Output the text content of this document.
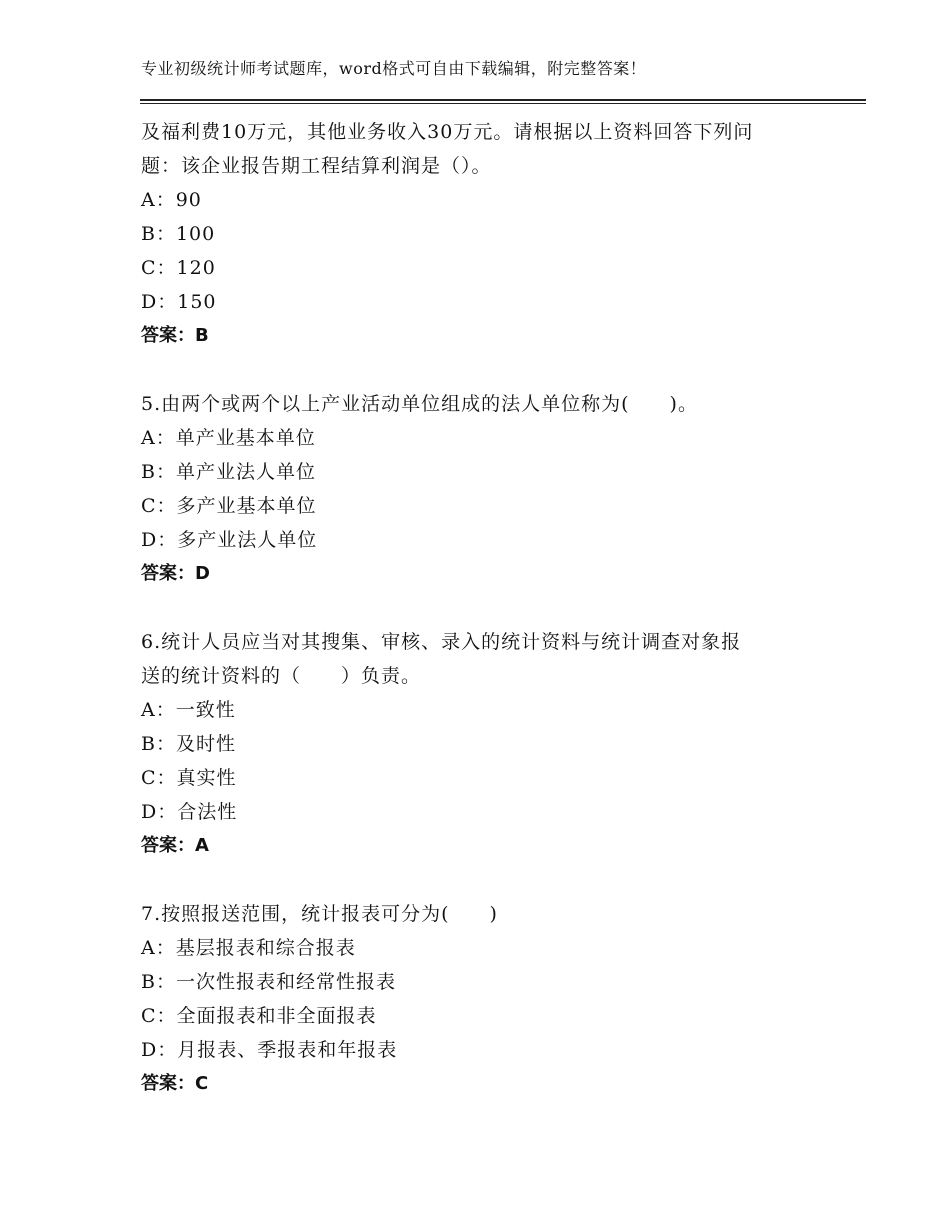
专业初级统计师考试题库，word格式可自由下载编辑，附完整答案！
及福利费10万元，其他业务收入30万元。请根据以上资料回答下列问
题：该企业报告期工程结算利润是（）。
A：90
B：100
C：120
D：150
答案：B
5.由两个或两个以上产业活动单位组成的法人单位称为(　　)。
A：单产业基本单位
B：单产业法人单位
C：多产业基本单位
D：多产业法人单位
答案：D
6.统计人员应当对其搜集、审核、录入的统计资料与统计调查对象报
送的统计资料的（　　）负责。
A：一致性
B：及时性
C：真实性
D：合法性
答案：A
7.按照报送范围，统计报表可分为(　　)
A：基层报表和综合报表
B：一次性报表和经常性报表
C：全面报表和非全面报表
D：月报表、季报表和年报表
答案：C
